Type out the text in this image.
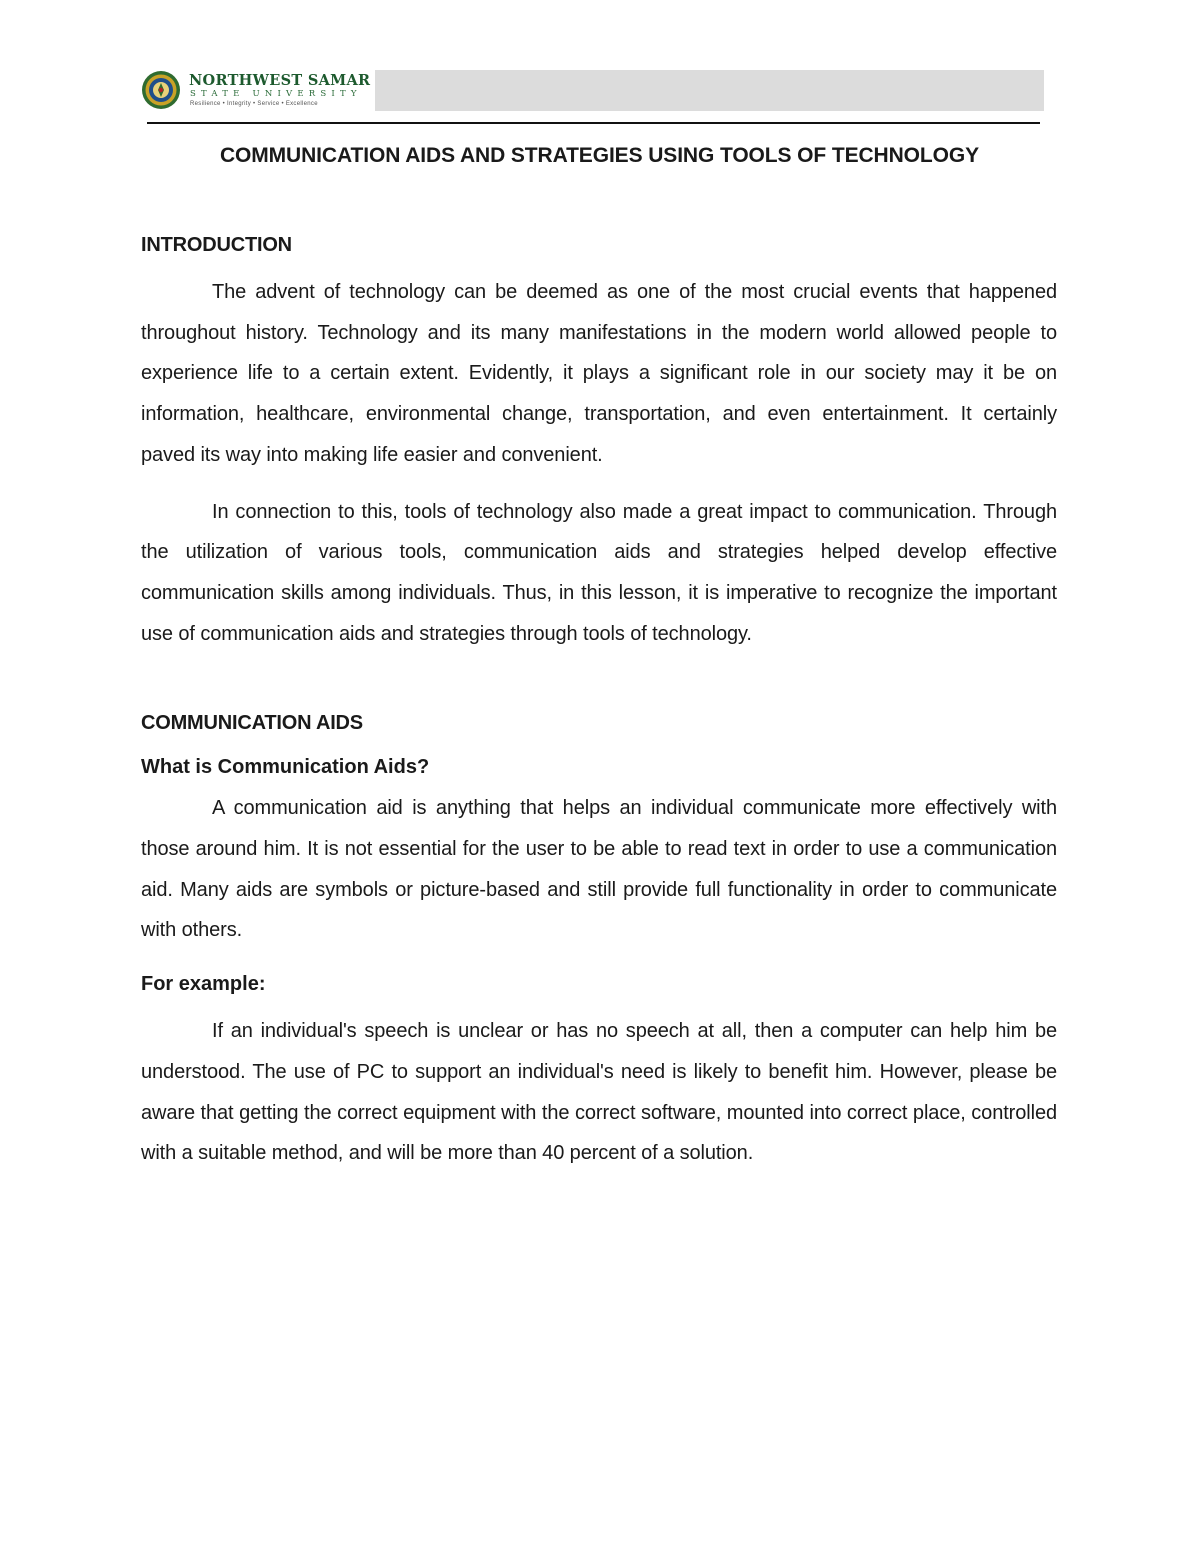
NORTHWEST SAMAR
STATE UNIVERSITY
Resilience • Integrity • Service • Excellence
COMMUNICATION AIDS AND STRATEGIES USING TOOLS OF TECHNOLOGY
INTRODUCTION

The advent of technology can be deemed as one of the most crucial events that happened throughout history. Technology and its many manifestations in the modern world allowed people to experience life to a certain extent. Evidently, it plays a significant role in our society may it be on information, healthcare, environmental change, transportation, and even entertainment. It certainly paved its way into making life easier and convenient.

In connection to this, tools of technology also made a great impact to communication. Through the utilization of various tools, communication aids and strategies helped develop effective communication skills among individuals. Thus, in this lesson, it is imperative to recognize the important use of communication aids and strategies through tools of technology.

COMMUNICATION AIDS
What is Communication Aids?

A communication aid is anything that helps an individual communicate more effectively with those around him. It is not essential for the user to be able to read text in order to use a communication aid. Many aids are symbols or picture-based and still provide full functionality in order to communicate with others.

For example:

If an individual's speech is unclear or has no speech at all, then a computer can help him be understood. The use of PC to support an individual's need is likely to benefit him. However, please be aware that getting the correct equipment with the correct software, mounted into correct place, controlled with a suitable method, and will be more than 40 percent of a solution.
